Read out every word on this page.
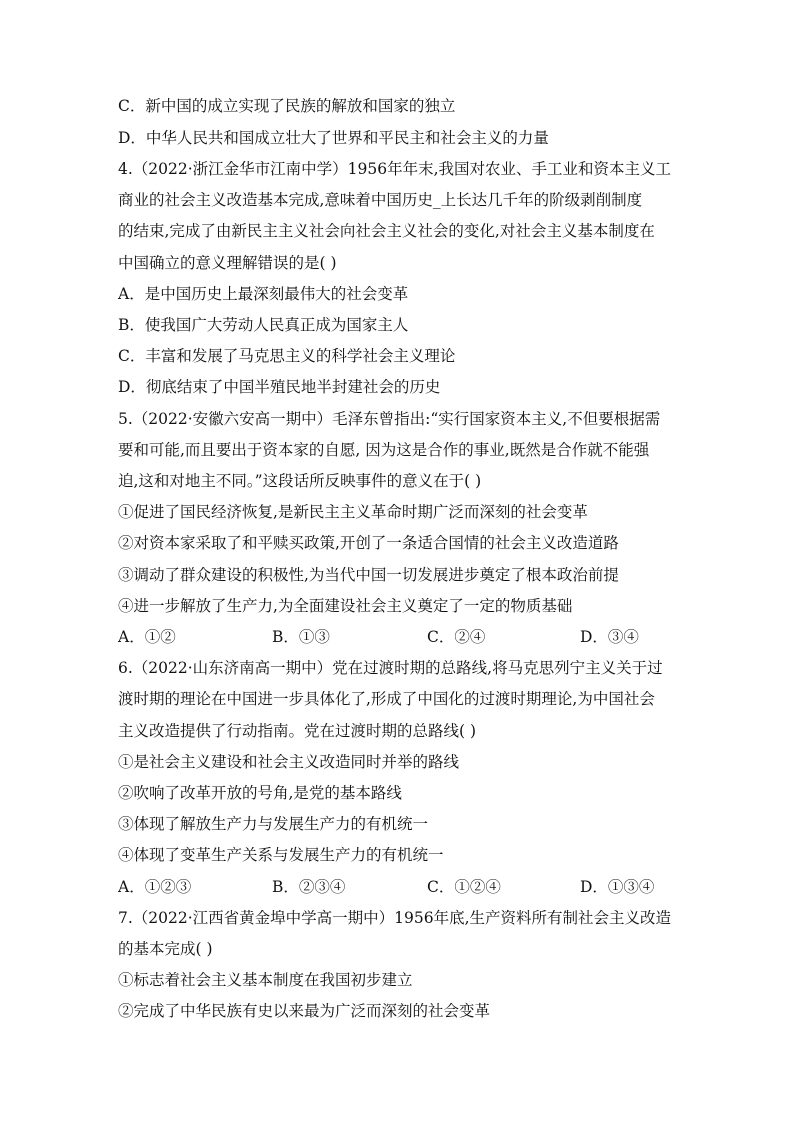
C．新中国的成立实现了民族的解放和国家的独立
D．中华人民共和国成立壮大了世界和平民主和社会主义的力量
4.（2022·浙江金华市江南中学）1956年年末,我国对农业、手工业和资本主义工
商业的社会主义改造基本完成,意味着中国历史_上长达几千年的阶级剥削制度
的结束,完成了由新民主主义社会向社会主义社会的变化,对社会主义基本制度在
中国确立的意义理解错误的是( )
A．是中国历史上最深刻最伟大的社会变革
B．使我国广大劳动人民真正成为国家主人
C．丰富和发展了马克思主义的科学社会主义理论
D．彻底结束了中国半殖民地半封建社会的历史
5.（2022·安徽六安高一期中）毛泽东曾指出:“实行国家资本主义,不但要根据需
要和可能,而且要出于资本家的自愿, 因为这是合作的事业,既然是合作就不能强
迫,这和对地主不同。”这段话所反映事件的意义在于( )
①促进了国民经济恢复,是新民主主义革命时期广泛而深刻的社会变革
②对资本家采取了和平赎买政策,开创了一条适合国情的社会主义改造道路
③调动了群众建设的积极性,为当代中国一切发展进步奠定了根本政治前提
④进一步解放了生产力,为全面建设社会主义奠定了一定的物质基础
A．①②	B．①③	C．②④	D．③④
6.（2022·山东济南高一期中）党在过渡时期的总路线,将马克思列宁主义关于过
渡时期的理论在中国进一步具体化了,形成了中国化的过渡时期理论,为中国社会
主义改造提供了行动指南。党在过渡时期的总路线( )
①是社会主义建设和社会主义改造同时并举的路线
②吹响了改革开放的号角,是党的基本路线
③体现了解放生产力与发展生产力的有机统一
④体现了变革生产关系与发展生产力的有机统一
A．①②③	B．②③④	C．①②④	D．①③④
7.（2022·江西省黄金埠中学高一期中）1956年底,生产资料所有制社会主义改造
的基本完成( )
①标志着社会主义基本制度在我国初步建立
②完成了中华民族有史以来最为广泛而深刻的社会变革
